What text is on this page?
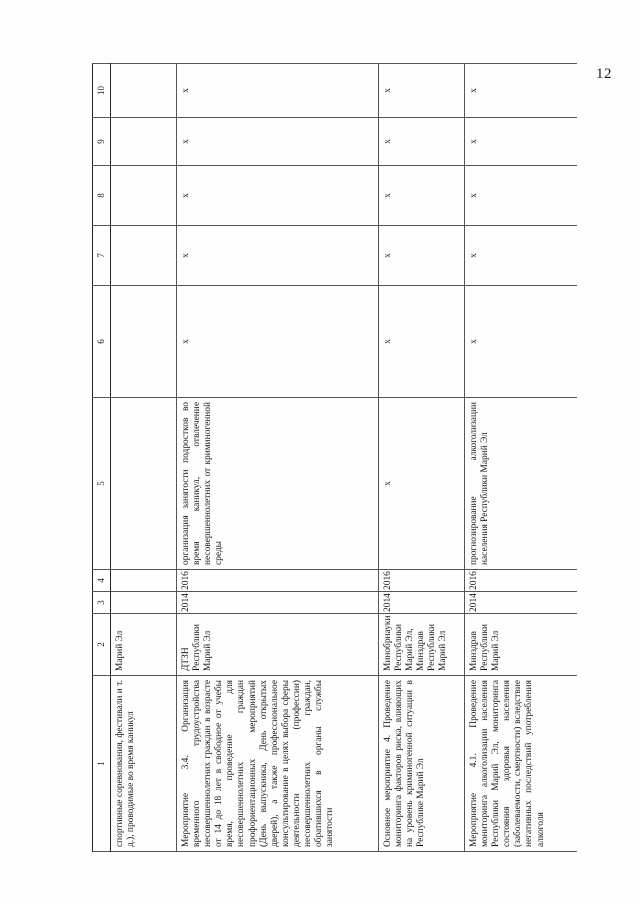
12
1	2	3	4	5	6	7	8	9	10
спортивные соревнования, фестивали и т. д.), проводимые во время каникул	Марий Эл								
Мероприятие 3.4. Организация временного трудоустройства несовершеннолетних граждан в возрасте от 14 до 18 лет в свободное от учебы время, проведение для несовершеннолетних граждан профориентационных мероприятий (День выпускника, День открытых дверей), а также профессиональное консультирование в целях выбора сферы деятельности (профессии) несовершеннолетних граждан, обратившихся в органы службы занятости	ДТЗН Республики Марий Эл	2014	2016	организация занятости подростков во время каникул, отвлечение несовершеннолетних от криминогенной среды	x	x	x	x	x
Основное мероприятие 4. Проведение мониторинга факторов риска, влияющих на уровень криминогенной ситуации в Республике Марий Эл	Минобрнауки Республики Марий Эл, Минздрав Республики Марий Эл	2014	2016	x	x	x	x	x	x
Мероприятие 4.1. Проведение мониторинга алкоголизации населения Республики Марий Эл, мониторинга состояния здоровья населения (заболеваемости, смертности) вследствие негативных последствий употребления алкоголя	Минздрав Республики Марий Эл	2014	2016	прогнозирование алкоголизации населения Республики Марий Эл	x	x	x	x	x
